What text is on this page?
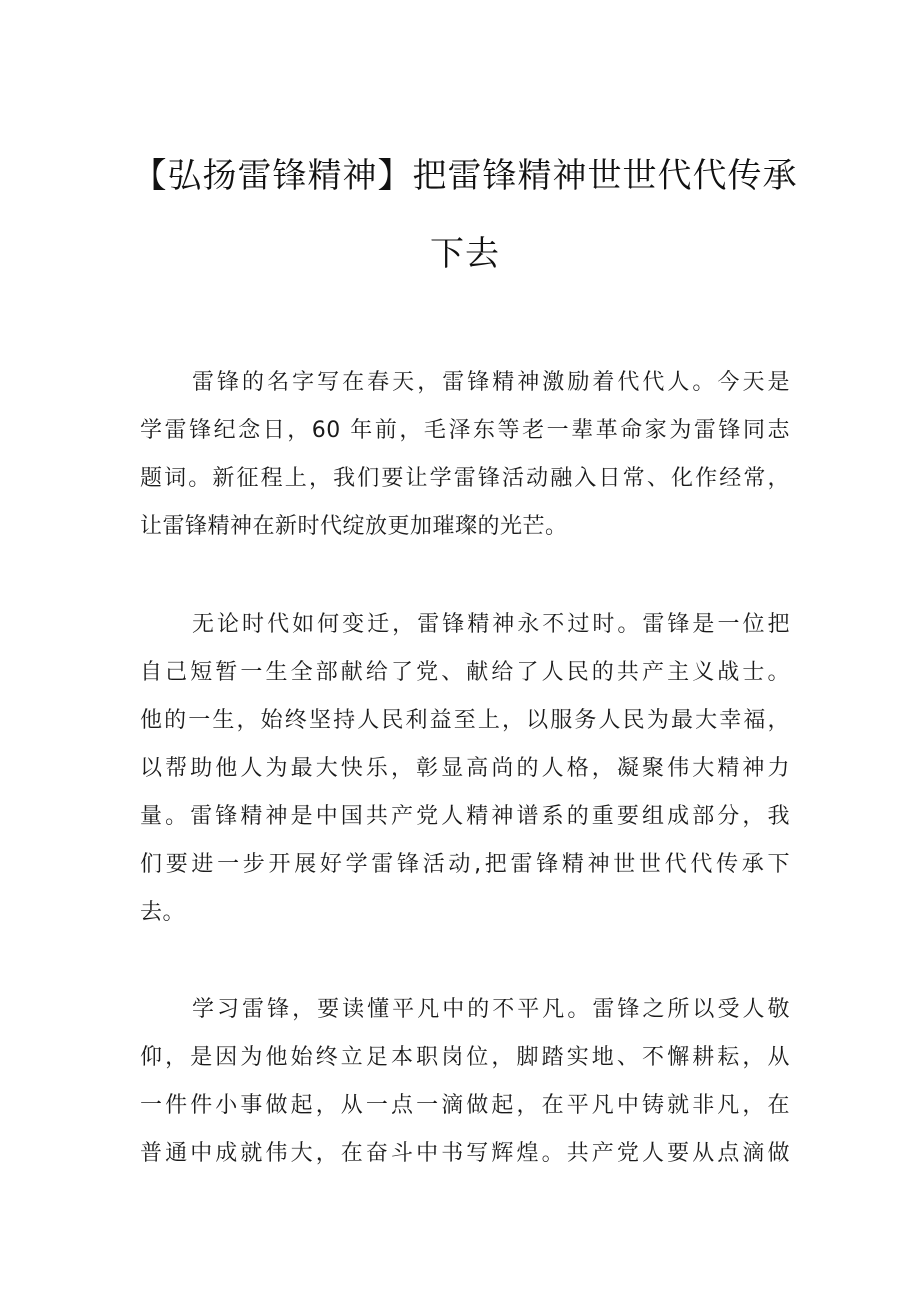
【弘扬雷锋精神】把雷锋精神世世代代传承
下去
雷锋的名字写在春天，雷锋精神激励着代代人。今天是
学雷锋纪念日，60 年前，毛泽东等老一辈革命家为雷锋同志
题词。新征程上，我们要让学雷锋活动融入日常、化作经常，
让雷锋精神在新时代绽放更加璀璨的光芒。
无论时代如何变迁，雷锋精神永不过时。雷锋是一位把
自己短暂一生全部献给了党、献给了人民的共产主义战士。
他的一生，始终坚持人民利益至上，以服务人民为最大幸福，
以帮助他人为最大快乐，彰显高尚的人格，凝聚伟大精神力
量。雷锋精神是中国共产党人精神谱系的重要组成部分，我
们要进一步开展好学雷锋活动,把雷锋精神世世代代传承下
去。
学习雷锋，要读懂平凡中的不平凡。雷锋之所以受人敬
仰，是因为他始终立足本职岗位，脚踏实地、不懈耕耘，从
一件件小事做起，从一点一滴做起，在平凡中铸就非凡，在
普通中成就伟大，在奋斗中书写辉煌。共产党人要从点滴做
